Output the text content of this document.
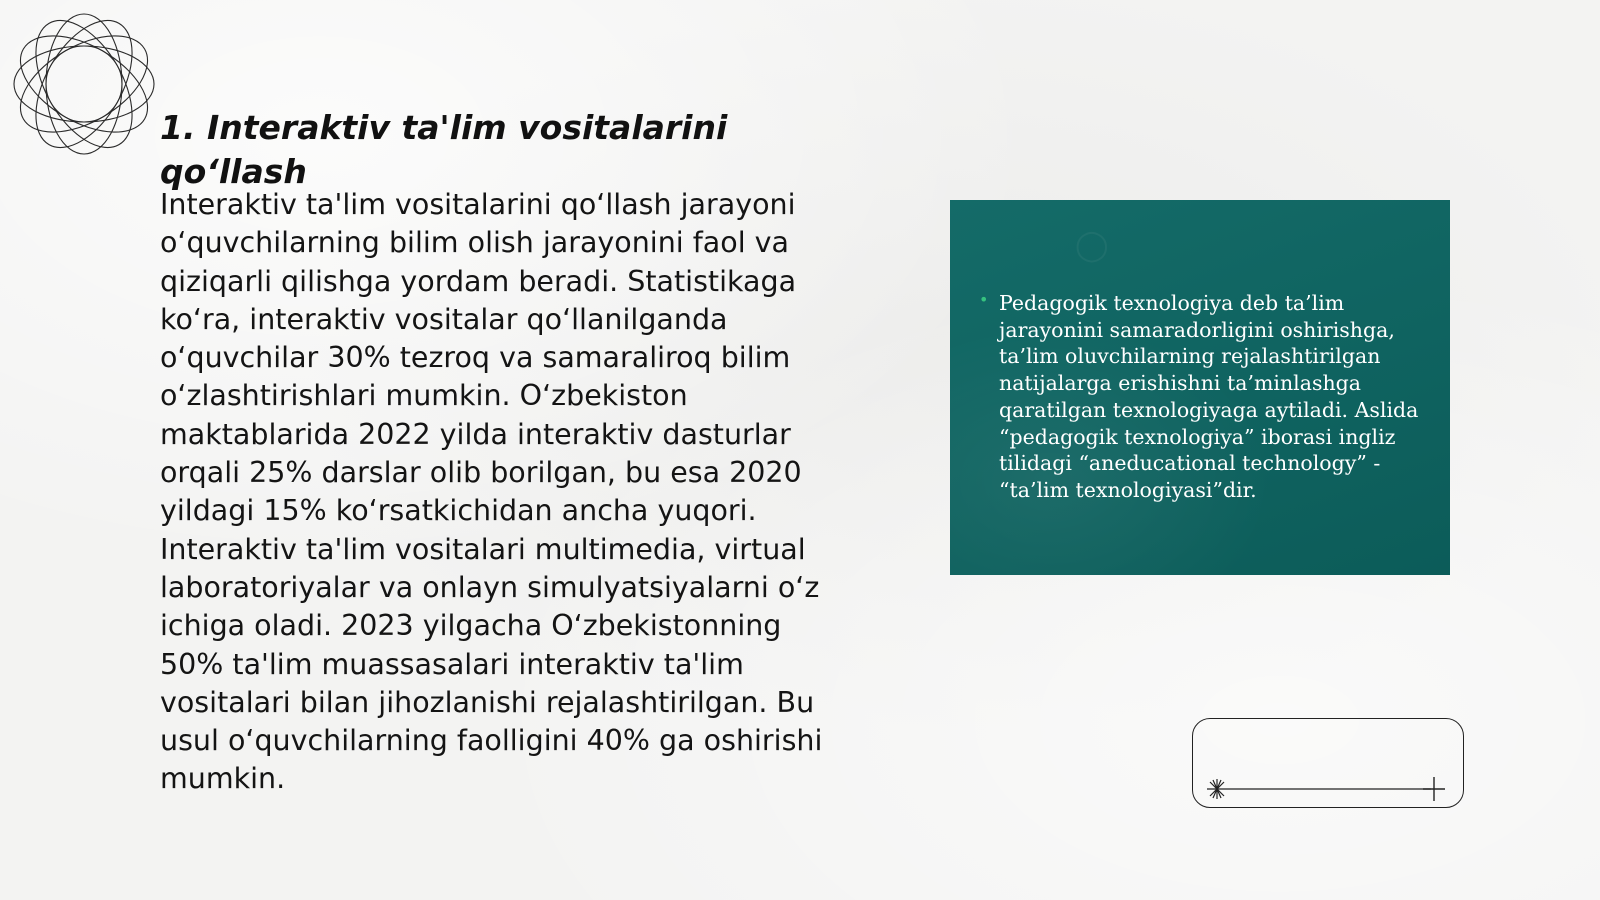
1. Interaktiv ta'lim vositalarini qo‘llash

Interaktiv ta'lim vositalarini qo‘llash jarayoni o‘quvchilarning bilim olish jarayonini faol va qiziqarli qilishga yordam beradi. Statistikaga ko‘ra, interaktiv vositalar qo‘llanilganda o‘quvchilar 30% tezroq va samaraliroq bilim o‘zlashtirishlari mumkin. O‘zbekiston maktablarida 2022 yilda interaktiv dasturlar orqali 25% darslar olib borilgan, bu esa 2020 yildagi 15% ko‘rsatkichidan ancha yuqori. Interaktiv ta'lim vositalari multimedia, virtual laboratoriyalar va onlayn simulyatsiyalarni o‘z ichiga oladi. 2023 yilgacha O‘zbekistonning 50% ta'lim muassasalari interaktiv ta'lim vositalari bilan jihozlanishi rejalashtirilgan. Bu usul o‘quvchilarning faolligini 40% ga oshirishi mumkin.

◯
• Pedagogik texnologiya deb ta’lim jarayonini samaradorligini oshirishga, ta’lim oluvchilarning rejalashtirilgan natijalarga erishishni ta’minlashga qaratilgan texnologiyaga aytiladi. Aslida “pedagogik texnologiya” iborasi ingliz tilidagi “aneducational technology” - “ta’lim texnologiyasi”dir.
